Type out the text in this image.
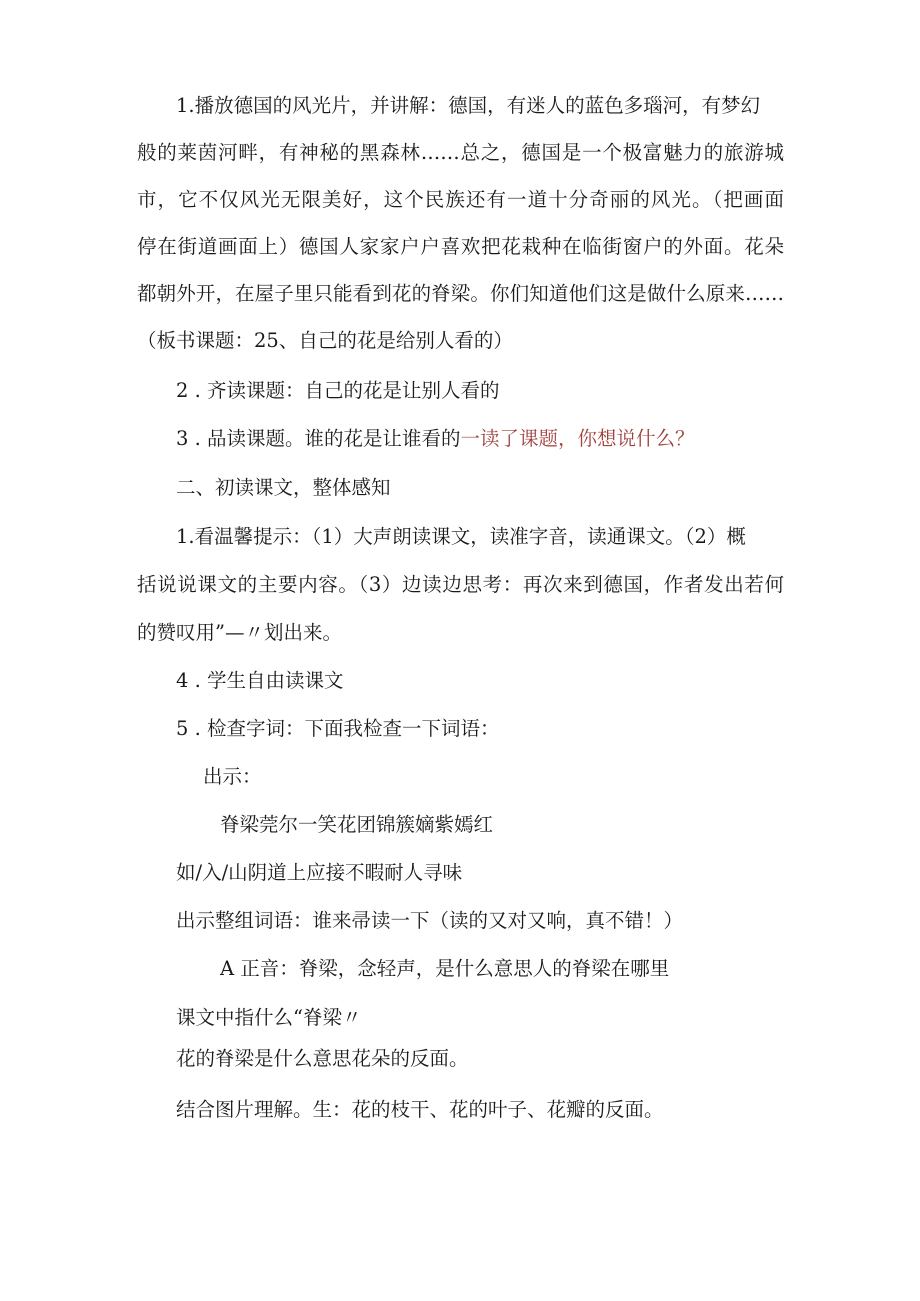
1.播放德国的风光片，并讲解：德国，有迷人的蓝色多瑙河，有梦幻
般的莱茵河畔，有神秘的黑森林……总之，德国是一个极富魅力的旅游城
市，它不仅风光无限美好，这个民族还有一道十分奇丽的风光。（把画面
停在街道画面上）德国人家家户户喜欢把花栽种在临街窗户的外面。花朵
都朝外开，在屋子里只能看到花的脊梁。你们知道他们这是做什么原来……
（板书课题：25、自己的花是给别人看的）
2 . 齐读课题：自己的花是让别人看的
3 . 品读课题。谁的花是让谁看的一读了课题，你想说什么？
二、初读课文，整体感知
1.看温馨提示：（1）大声朗读课文，读准字音，读通课文。（2）概
括说说课文的主要内容。（3）边读边思考：再次来到德国，作者发出若何
的赞叹用”—〃划出来。
4 . 学生自由读课文
5 . 检查字词：下面我检查一下词语：
出示：
脊梁莞尔一笑花团锦簇嫡紫嫣红
如/入/山阴道上应接不暇耐人寻味
出示整组词语：谁来帚读一下（读的又对又响，真不错！）
A 正音：脊梁，念轻声，是什么意思人的脊梁在哪里
课文中指什么“脊梁〃
花的脊梁是什么意思花朵的反面。
结合图片理解。生：花的枝干、花的叶子、花瓣的反面。
